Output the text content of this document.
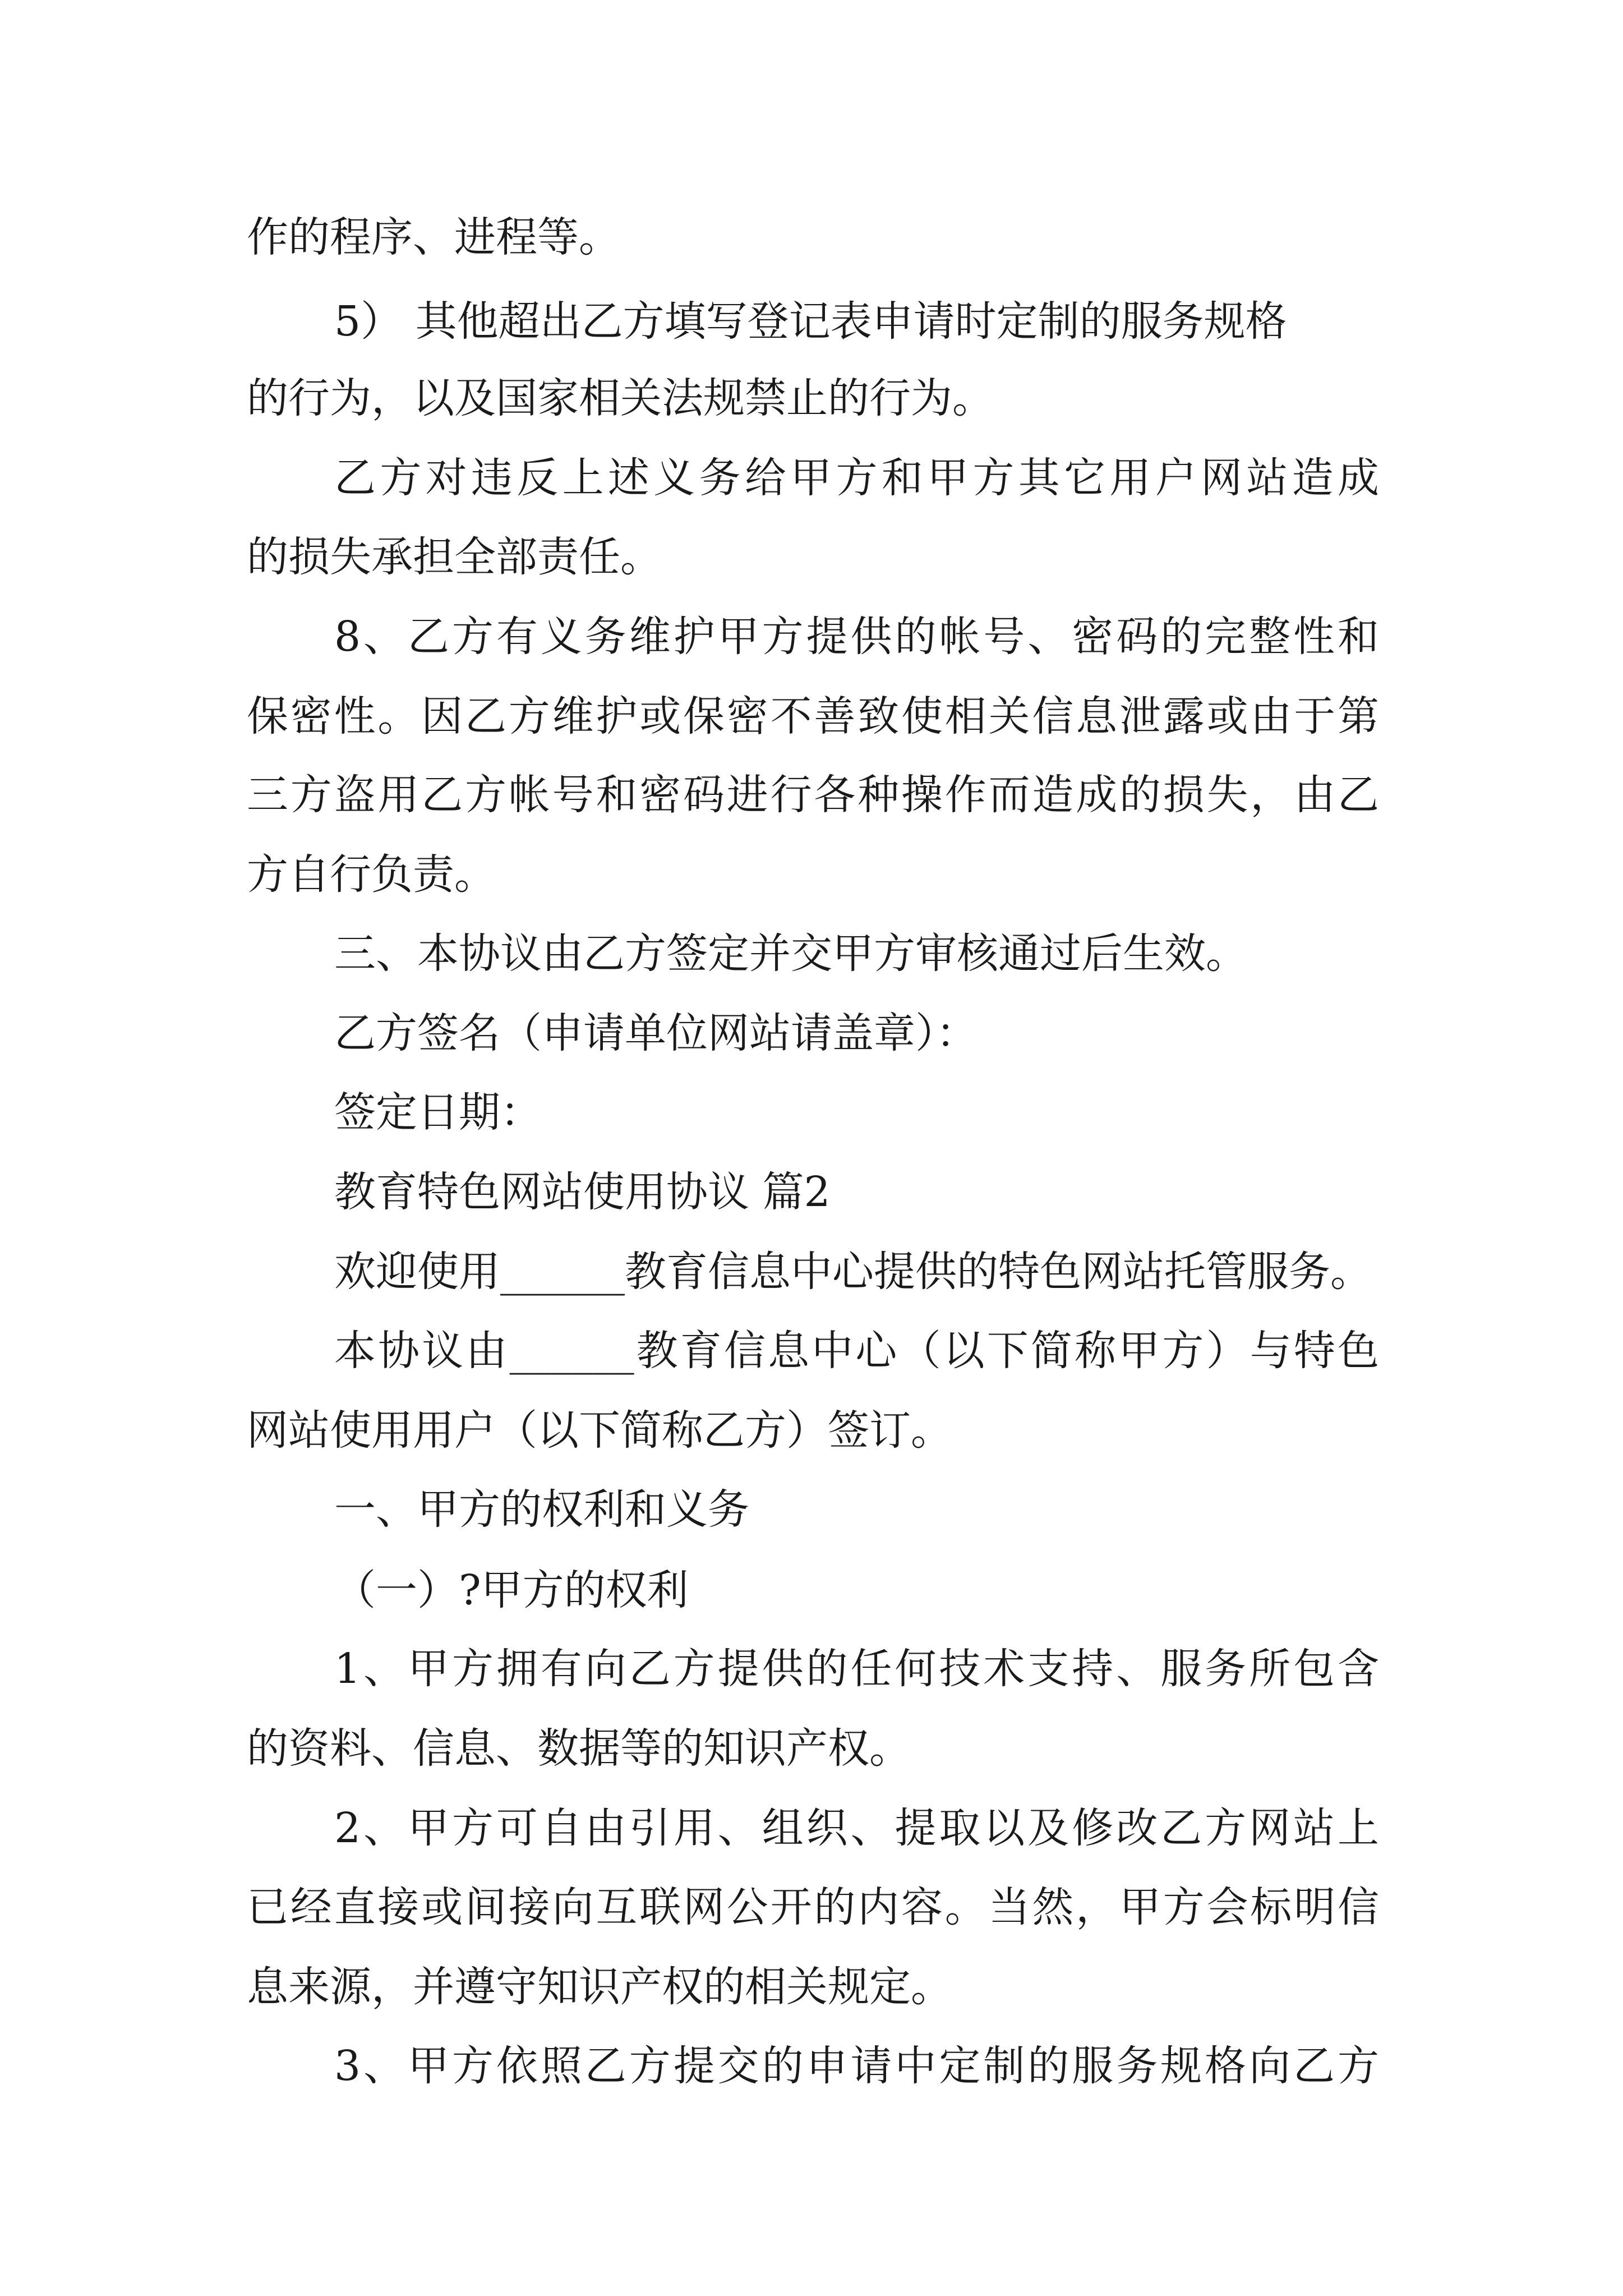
作的程序、进程等。
5） 其他超出乙方填写登记表申请时定制的服务规格
的行为，以及国家相关法规禁止的行为。
乙方对违反上述义务给甲方和甲方其它用户网站造成
的损失承担全部责任。
8、乙方有义务维护甲方提供的帐号、密码的完整性和
保密性。因乙方维护或保密不善致使相关信息泄露或由于第
三方盗用乙方帐号和密码进行各种操作而造成的损失，由乙
方自行负责。
三、本协议由乙方签定并交甲方审核通过后生效。
乙方签名（申请单位网站请盖章）：
签定日期：
教育特色网站使用协议 篇2
欢迎使用______教育信息中心提供的特色网站托管服务。
本协议由______教育信息中心（以下简称甲方）与特色
网站使用用户（以下简称乙方）签订。
一、甲方的权利和义务
（一）?甲方的权利
1、甲方拥有向乙方提供的任何技术支持、服务所包含
的资料、信息、数据等的知识产权。
2、甲方可自由引用、组织、提取以及修改乙方网站上
已经直接或间接向互联网公开的内容。当然，甲方会标明信
息来源，并遵守知识产权的相关规定。
3、甲方依照乙方提交的申请中定制的服务规格向乙方
